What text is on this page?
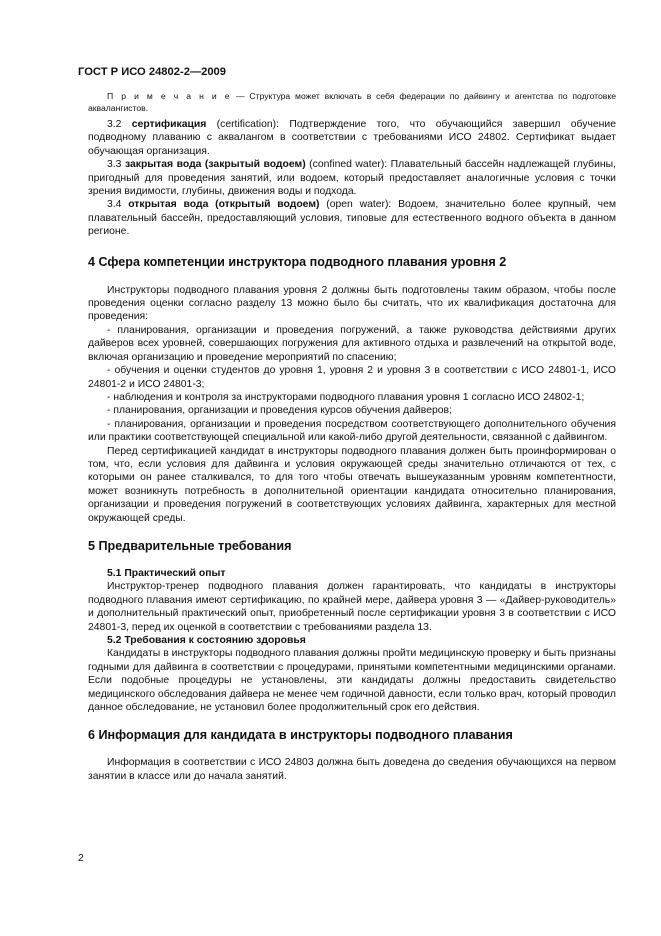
ГОСТ Р ИСО 24802-2—2009

П р и м е ч а н и е — Структура может включать в себя федерации по дайвингу и агентства по подготовке аквалангистов.

3.2 сертификация (certification): Подтверждение того, что обучающийся завершил обучение подводному плаванию с аквалангом в соответствии с требованиями ИСО 24802. Сертификат выдает обучающая организация.

3.3 закрытая вода (закрытый водоем) (confined water): Плавательный бассейн надлежащей глубины, пригодный для проведения занятий, или водоем, который предоставляет аналогичные условия с точки зрения видимости, глубины, движения воды и подхода.

3.4 открытая вода (открытый водоем) (open water): Водоем, значительно более крупный, чем плавательный бассейн, предоставляющий условия, типовые для естественного водного объекта в данном регионе.

4 Сфера компетенции инструктора подводного плавания уровня 2

Инструкторы подводного плавания уровня 2 должны быть подготовлены таким образом, чтобы после проведения оценки согласно разделу 13 можно было бы считать, что их квалификация достаточна для проведения:

- планирования, организации и проведения погружений, а также руководства действиями других дайверов всех уровней, совершающих погружения для активного отдыха и развлечений на открытой воде, включая организацию и проведение мероприятий по спасению;

- обучения и оценки студентов до уровня 1, уровня 2 и уровня 3 в соответствии с ИСО 24801-1, ИСО 24801-2 и ИСО 24801-3;

- наблюдения и контроля за инструкторами подводного плавания уровня 1 согласно ИСО 24802-1;

- планирования, организации и проведения курсов обучения дайверов;

- планирования, организации и проведения посредством соответствующего дополнительного обучения или практики соответствующей специальной или какой-либо другой деятельности, связанной с дайвингом.

Перед сертификацией кандидат в инструкторы подводного плавания должен быть проинформирован о том, что, если условия для дайвинга и условия окружающей среды значительно отличаются от тех, с которыми он ранее сталкивался, то для того чтобы отвечать вышеуказанным уровням компетентности, может возникнуть потребность в дополнительной ориентации кандидата относительно планирования, организации и проведения погружений в соответствующих условиях дайвинга, характерных для местной окружающей среды.

5 Предварительные требования

5.1 Практический опыт

Инструктор-тренер подводного плавания должен гарантировать, что кандидаты в инструкторы подводного плавания имеют сертификацию, по крайней мере, дайвера уровня 3 — «Дайвер-руководитель» и дополнительный практический опыт, приобретенный после сертификации уровня 3 в соответствии с ИСО 24801-3, перед их оценкой в соответствии с требованиями раздела 13.

5.2 Требования к состоянию здоровья

Кандидаты в инструкторы подводного плавания должны пройти медицинскую проверку и быть признаны годными для дайвинга в соответствии с процедурами, принятыми компетентными медицинскими органами. Если подобные процедуры не установлены, эти кандидаты должны предоставить свидетельство медицинского обследования дайвера не менее чем годичной давности, если только врач, который проводил данное обследование, не установил более продолжительный срок его действия.

6 Информация для кандидата в инструкторы подводного плавания

Информация в соответствии с ИСО 24803 должна быть доведена до сведения обучающихся на первом занятии в классе или до начала занятий.

2
